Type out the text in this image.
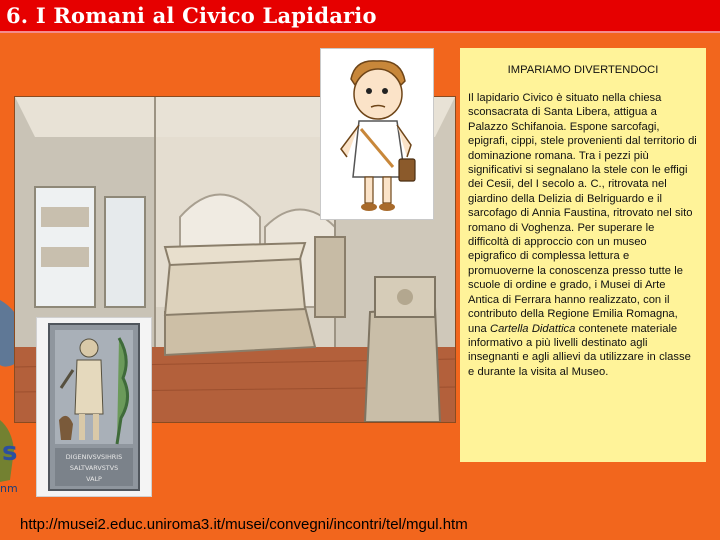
6. I Romani al Civico Lapidario
s
nm
DIGENIVSVSIHRIS
SALTVARVSTVS
VALP
IMPARIAMO DIVERTENDOCI
Il lapidario Civico è situato nella chiesa sconsacrata di Santa Libera, attigua a Palazzo Schifanoia. Espone sarcofagi, epigrafi, cippi, stele provenienti dal territorio di dominazione romana. Tra i pezzi più significativi si segnalano la stele con le effigi dei Cesii, del I secolo a. C., ritrovata nel giardino della Delizia di Belriguardo e il sarcofago di Annia Faustina, ritrovato nel sito romano di Voghenza. Per superare le difficoltà di approccio con un museo epigrafico di complessa lettura e promuoverne la conoscenza presso tutte le scuole di ordine e grado, i Musei di Arte Antica di Ferrara hanno realizzato, con il contributo della Regione Emilia Romagna, una Cartella Didattica contenete materiale informativo a più livelli destinato agli insegnanti e agli allievi da utilizzare in classe e durante la visita al Museo.
http://musei2.educ.uniroma3.it/musei/convegni/incontri/tel/mgul.htm
